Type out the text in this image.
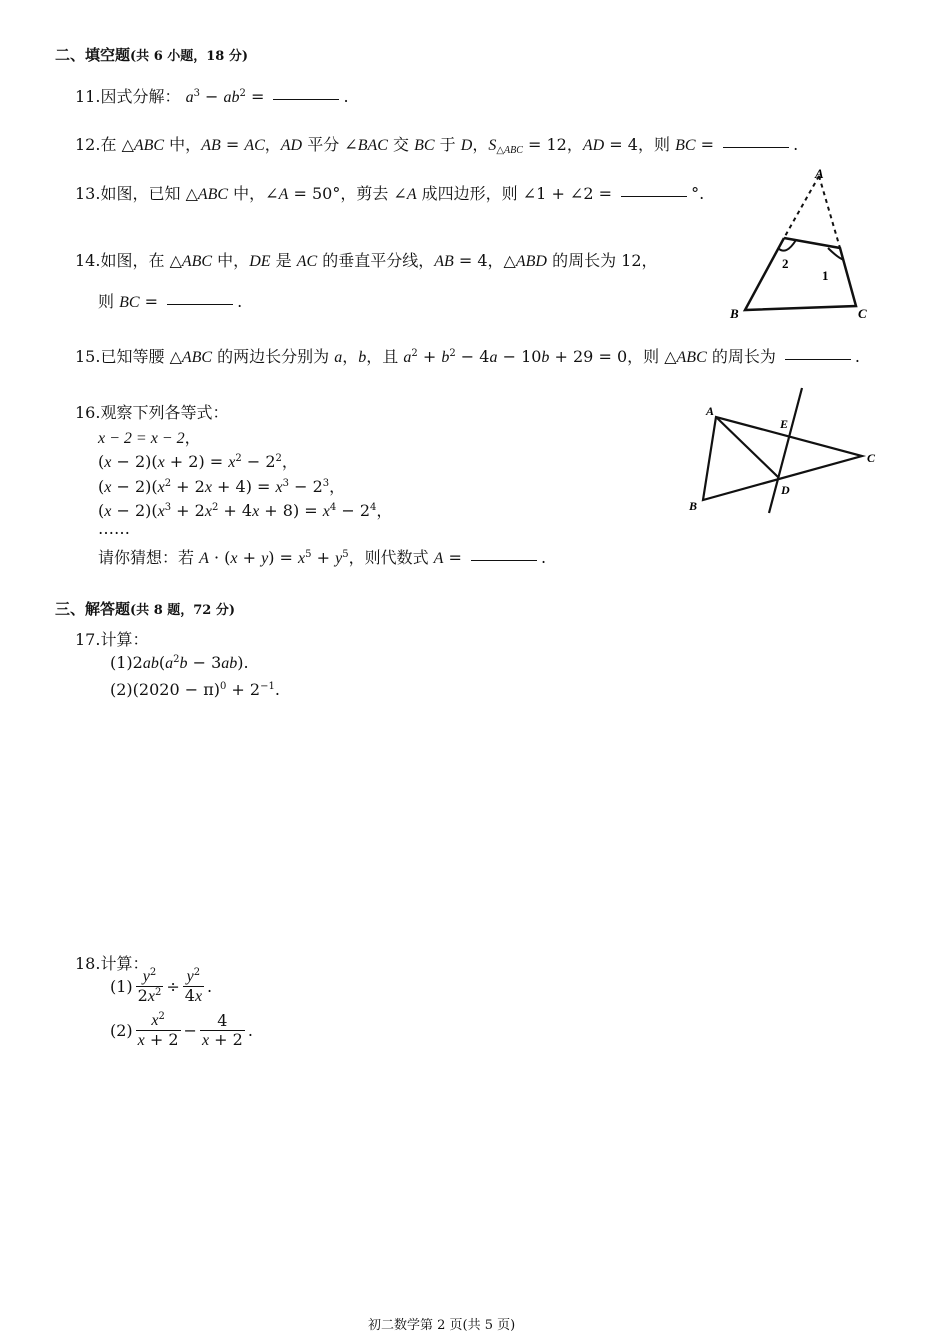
二、填空题(共 6 小题，18 分)
11.因式分解： $a^3 - ab^2$ =	.
12.在 △ABC 中，AB = AC，AD 平分 ∠BAC 交 BC 于 D，$S_{\triangle ABC} = 12$，AD = 4，则 BC =	.
13.如图，已知 △ABC 中，∠A = 50°，剪去 ∠A 成四边形，则 ∠1 + ∠2 =	°.
A
B	C
1
2
14.如图，在 △ABC 中，DE 是 AC 的垂直平分线，AB = 4，△ABD 的周长为 12，
则 BC =	.
15.已知等腰 △ABC 的两边长分别为 a，b，且 $a^2 + b^2 - 4a - 10b + 29 = 0$，则 △ABC 的周长为	.
16.观察下列各等式：
x − 2 = x − 2，
$(x - 2)(x + 2) = x^2 - 2^2$，
$(x - 2)(x^2 + 2x + 4) = x^3 - 2^3$，
$(x - 2)(x^3 + 2x^2 + 4x + 8) = x^4 - 2^4$，
……
请你猜想：若 $A \cdot (x + y) = x^5 + y^5$，则代数式 A =	.
A
B
C
D
E
三、解答题(共 8 题，72 分)
17.计算：
$(1)2ab(a^2b - 3ab)$.
$(2)(2020 - \pi)^0 + 2^{-1}$.
18.计算：
$(1) \frac{y^2}{2x^2} \div \frac{y^2}{4x}$ .
$(2) \frac{x^2}{x + 2} - \frac{4}{x + 2}$ .
初二数学第 2 页(共 5 页)
